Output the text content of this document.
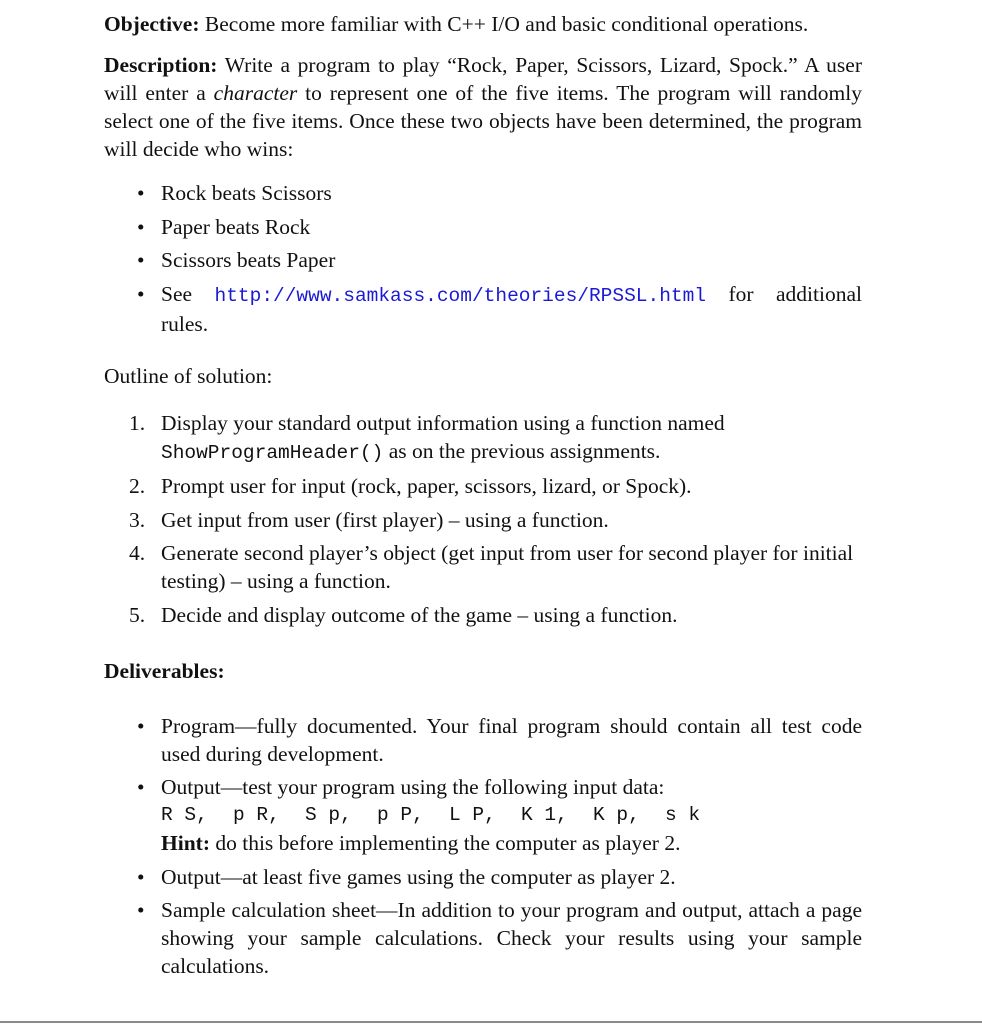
Objective: Become more familiar with C++ I/O and basic conditional operations.

Description: Write a program to play “Rock, Paper, Scissors, Lizard, Spock.” A user will enter a character to represent one of the five items. The program will randomly select one of the five items. Once these two objects have been determined, the program will decide who wins:

• Rock beats Scissors
• Paper beats Rock
• Scissors beats Paper
• See http://www.samkass.com/theories/RPSSL.html for additional rules.

Outline of solution:

1. Display your standard output information using a function named ShowProgramHeader() as on the previous assignments.
2. Prompt user for input (rock, paper, scissors, lizard, or Spock).
3. Get input from user (first player) – using a function.
4. Generate second player’s object (get input from user for second player for initial testing) – using a function.
5. Decide and display outcome of the game – using a function.

Deliverables:

• Program—fully documented. Your final program should contain all test code used during development.
• Output—test your program using the following input data:
R S,	p R,	S p,	p P,	L P,	K 1,	K p,	s k
Hint: do this before implementing the computer as player 2.
• Output—at least five games using the computer as player 2.
• Sample calculation sheet—In addition to your program and output, attach a page showing your sample calculations. Check your results using your sample calculations.
